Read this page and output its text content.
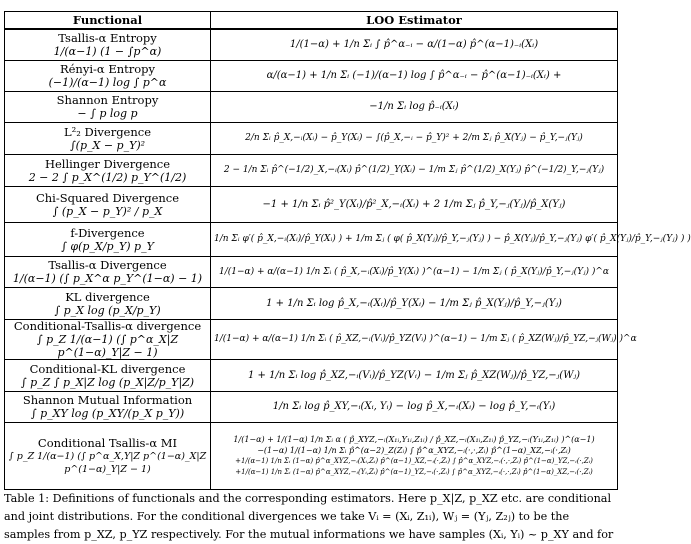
Functional	LOO Estimator

Tsallis-α Entropy
1/(α−1) (1 − ∫p^α)	1/(1−α) + 1/n Σᵢ ∫ p̂^α₋ᵢ − α/(1−α) p̂^(α−1)₋ᵢ(Xᵢ)

Rényi-α Entropy
(−1)/(α−1) log ∫ p^α	α/(α−1) + 1/n Σᵢ (−1)/(α−1) log ∫ p̂^α₋ᵢ − p̂^(α−1)₋ᵢ(Xᵢ) +

Shannon Entropy
− ∫ p log p	−1/n Σᵢ log p̂₋ᵢ(Xᵢ)

L²₂ Divergence
∫(p_X − p_Y)²	2/n Σᵢ p̂_X,−ᵢ(Xᵢ) − p̂_Y(Xᵢ) − ∫(p̂_X,−ᵢ − p̂_Y)² + 2/m Σⱼ p̂_X(Yⱼ) − p̂_Y,−ⱼ(Yⱼ)

Hellinger Divergence
2 − 2 ∫ p_X^(1/2) p_Y^(1/2)	2 − 1/n Σᵢ p̂^(−1/2)_X,−ᵢ(Xᵢ) p̂^(1/2)_Y(Xᵢ) − 1/m Σⱼ p̂^(1/2)_X(Yⱼ) p̂^(−1/2)_Y,−ⱼ(Yⱼ)

Chi-Squared Divergence
∫ (p_X − p_Y)² / p_X	−1 + 1/n Σᵢ p̂²_Y(Xᵢ)/p̂²_X,−ᵢ(Xᵢ) + 2 1/m Σⱼ p̂_Y,−ⱼ(Yⱼ)/p̂_X(Yⱼ)

f-Divergence
∫ φ(p_X/p_Y) p_Y	1/n Σᵢ φ′( p̂_X,−ᵢ(Xᵢ)/p̂_Y(Xᵢ) ) + 1/m Σⱼ ( φ( p̂_X(Yⱼ)/p̂_Y,−ⱼ(Yⱼ) ) − p̂_X(Yⱼ)/p̂_Y,−ⱼ(Yⱼ) φ′( p̂_X(Yⱼ)/p̂_Y,−ⱼ(Yⱼ) ) )

Tsallis-α Divergence
1/(α−1) (∫ p_X^α p_Y^(1−α) − 1)	1/(1−α) + α/(α−1) 1/n Σᵢ ( p̂_X,−ᵢ(Xᵢ)/p̂_Y(Xᵢ) )^(α−1) − 1/m Σⱼ ( p̂_X(Yⱼ)/p̂_Y,−ⱼ(Yⱼ) )^α

KL divergence
∫ p_X log (p_X/p_Y)	1 + 1/n Σᵢ log p̂_X,−ᵢ(Xᵢ)/p̂_Y(Xᵢ) − 1/m Σⱼ p̂_X(Yⱼ)/p̂_Y,−ⱼ(Yⱼ)

Conditional-Tsallis-α divergence
∫ p_Z 1/(α−1) (∫ p^α_X|Z p^(1−α)_Y|Z − 1)	1/(1−α) + α/(α−1) 1/n Σᵢ ( p̂_XZ,−ᵢ(Vᵢ)/p̂_YZ(Vᵢ) )^(α−1) − 1/m Σⱼ ( p̂_XZ(Wⱼ)/p̂_YZ,−ⱼ(Wⱼ) )^α

Conditional-KL divergence
∫ p_Z ∫ p_X|Z log (p_X|Z/p_Y|Z)	1 + 1/n Σᵢ log p̂_XZ,−ᵢ(Vᵢ)/p̂_YZ(Vᵢ) − 1/m Σⱼ p̂_XZ(Wⱼ)/p̂_YZ,−ⱼ(Wⱼ)

Shannon Mutual Information
∫ p_XY log (p_XY/(p_X p_Y))	1/n Σᵢ log p̂_XY,−ᵢ(Xᵢ, Yᵢ) − log p̂_X,−ᵢ(Xᵢ) − log p̂_Y,−ᵢ(Yᵢ)

Conditional Tsallis-α MI
∫ p_Z 1/(α−1) (∫ p^α_X,Y|Z p^(1−α)_X|Z p^(1−α)_Y|Z − 1)	1/(1−α) + 1/(1−α) 1/n Σᵢ α ( p̂_XYZ,−ᵢ(X₁ᵢ,Y₁ᵢ,Z₁ᵢ) / p̂_XZ,−ᵢ(X₁ᵢ,Z₁ᵢ) p̂_YZ,−ᵢ(Y₁ᵢ,Z₁ᵢ) )^(α−1)
−(1−α) 1/(1−α) 1/n Σᵢ p̂^(α−2)_Z(Zᵢ) ∫ p̂^α_XYZ,−ᵢ(·,·,Zᵢ) p̂^(1−α)_XZ,−ᵢ(·,Zᵢ)
+1/(α−1) 1/n Σᵢ (1−α) p̂^α_XYZ,−ᵢ(Xᵢ,Zᵢ) p̂^(α−1)_XZ,−ᵢ(·,Zᵢ) ∫ p̂^α_XYZ,−ᵢ(·,·,Zᵢ) p̂^(1−α)_YZ,−ᵢ(·,Zᵢ)
+1/(α−1) 1/n Σᵢ (1−α) p̂^α_XYZ,−ᵢ(Yᵢ,Zᵢ) p̂^(α−1)_YZ,−ᵢ(·,Zᵢ) ∫ p̂^α_XYZ,−ᵢ(·,·,Zᵢ) p̂^(1−α)_XZ,−ᵢ(·,Zᵢ)
Table 1: Definitions of functionals and the corresponding estimators. Here p_X|Z, p_XZ etc. are conditional
and joint distributions. For the conditional divergences we take Vᵢ = (Xᵢ, Z₁ᵢ), Wⱼ = (Yⱼ, Z₂ⱼ) to be the
samples from p_XZ, p_YZ respectively. For the mutual informations we have samples (Xᵢ, Yᵢ) ~ p_XY and for
